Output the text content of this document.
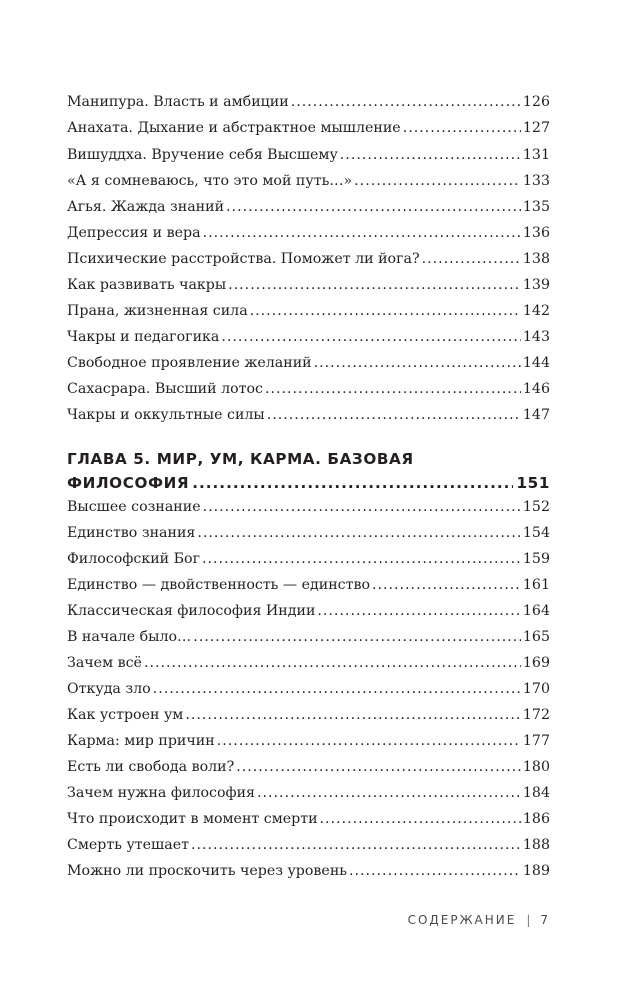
Манипура. Власть и амбиции .....	126
Анахата. Дыхание и абстрактное мышление .....	127
Вишуддха. Вручение себя Высшему .....	131
«А я сомневаюсь, что это мой путь…» .....	133
Агья. Жажда знаний .....	135
Депрессия и вера .....	136
Психические расстройства. Поможет ли йога? .....	138
Как развивать чакры .....	139
Прана, жизненная сила .....	142
Чакры и педагогика .....	143
Свободное проявление желаний .....	144
Сахасрара. Высший лотос .....	146
Чакры и оккультные силы .....	147
ГЛАВА 5. МИР, УМ, КАРМА. БАЗОВАЯ
ФИЛОСОФИЯ .....	151
Высшее сознание .....	152
Единство знания .....	154
Философский Бог .....	159
Единство — двойственность — единство .....	161
Классическая философия Индии .....	164
В начале было… .....	165
Зачем всё .....	169
Откуда зло .....	170
Как устроен ум .....	172
Карма: мир причин .....	177
Есть ли свобода воли? .....	180
Зачем нужна философия .....	184
Что происходит в момент смерти .....	186
Смерть утешает .....	188
Можно ли проскочить через уровень .....	189
СОДЕРЖАНИЕ | 7
